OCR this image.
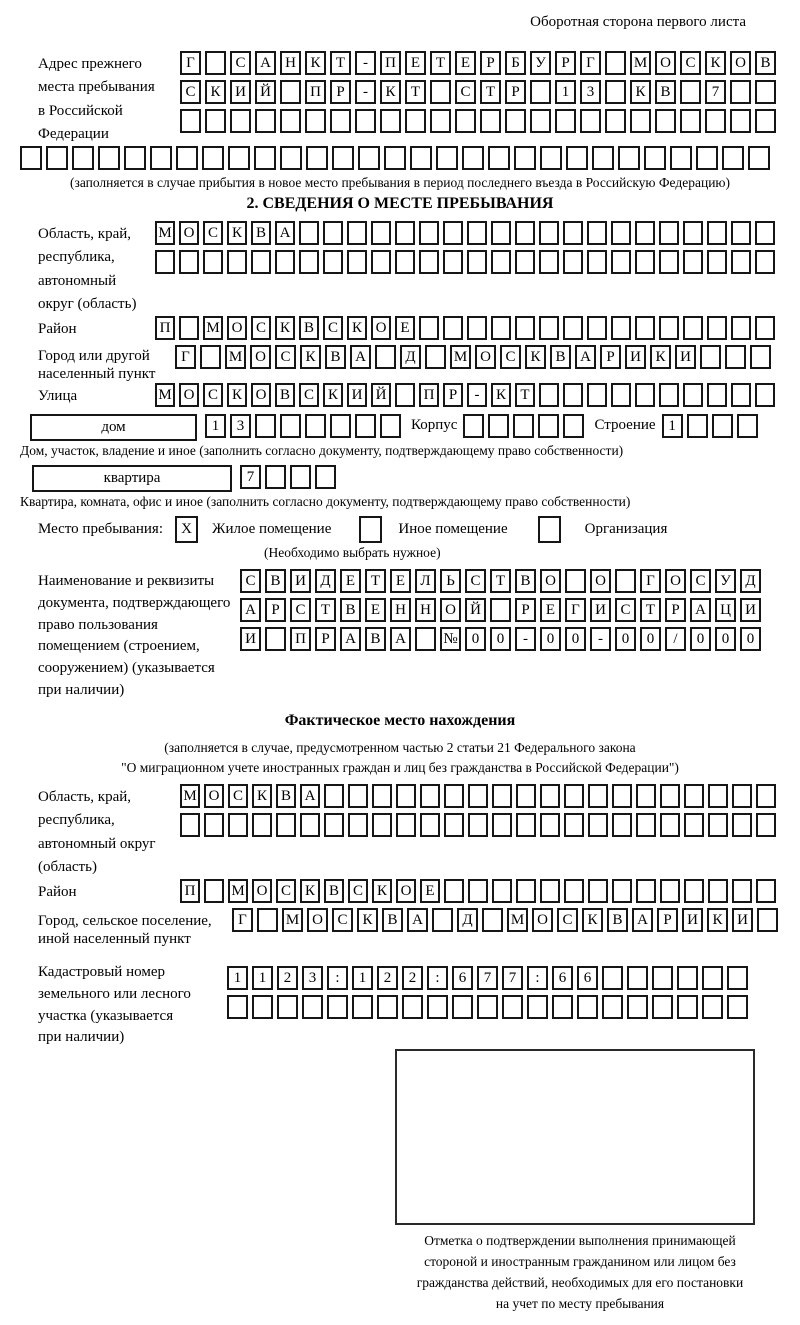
Оборотная сторона первого листа
Адрес прежнего
места пребывания
в Российской
Федерации
Г	С А Н К	Т	-	П Е	Т	Е	Р	Б	У	Р	Г	М О С К О В
С К И Й	П	Р	-	К	Т	С	Т	Р	1	3	К В	7
(заполняется в случае прибытия в новое место пребывания в период последнего въезда в Российскую Федерацию)
2. СВЕДЕНИЯ О МЕСТЕ ПРЕБЫВАНИЯ
Область, край,
республика,
автономный
округ (область)
М О С К В А
Район	П	М О С К В С К О Е
Город или другой
населенный пункт
Г	М О С К В А	Д	М О С К В А	Р	И К И
Улица	М О С К О В С К И Й	П Р	-	К Т
дом	1	3	Корпус	Строение 1
Дом, участок, владение и иное (заполнить согласно документу, подтверждающему право собственности)
квартира	7
Квартира, комната, офис и иное (заполнить согласно документу, подтверждающему право собственности)
Место пребывания:	X	Жилое помещение	Иное помещение	Организация
(Необходимо выбрать нужное)
Наименование и реквизиты
документа, подтверждающего
право пользования
помещением (строением,
сооружением) (указывается
при наличии)
С В И Д	Е	Т	Е	Л	Ь	С	Т	В О	О	Г	О С У Д
А	Р	С	Т	В	Е	Н Н О Й	Р	Е	Г	И С	Т	Р	А Ц И
И	П	Р	А В А	№ 0	0	-	0	0	-	0	0	/	0	0	0
Фактическое место нахождения
(заполняется в случае, предусмотренном частью 2 статьи 21 Федерального закона
"О миграционном учете иностранных граждан и лиц без гражданства в Российской Федерации")
Область, край,
республика,
автономный округ
(область)
М О С К В А
Район	П	М О С К В С К О Е
Город, сельское поселение,
иной населенный пункт
Г	М О С К В А	Д	М О С К В А	Р	И К И
Кадастровый номер
земельного или лесного
участка (указывается
при наличии)
1	1	2	3	:	1	2	2	:	6	7	7	:	6	6
Отметка о подтверждении выполнения принимающей
стороной и иностранным гражданином или лицом без
гражданства действий, необходимых для его постановки
на учет по месту пребывания
